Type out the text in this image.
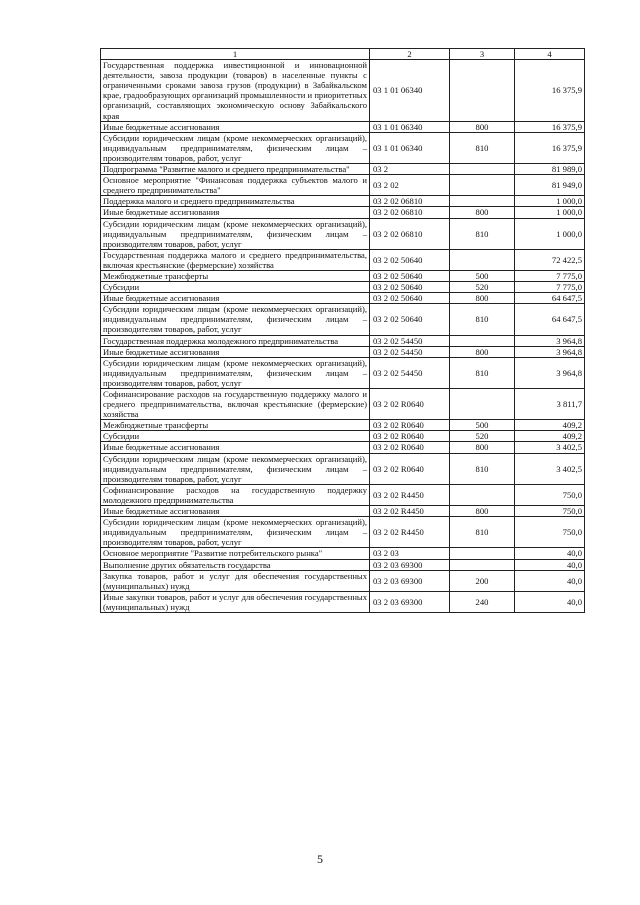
1	2	3	4
Государственная поддержка инвестиционной и инновационной деятельности, завоза продукции (товаров) в населенные пункты с ограниченными сроками завоза грузов (продукции) в Забайкальском крае, градообразующих организаций промышленности и приоритетных организаций, составляющих экономическую основу Забайкальского края	03 1 01 06340		16 375,9
Иные бюджетные ассигнования	03 1 01 06340	800	16 375,9
Субсидии юридическим лицам (кроме некоммерческих организаций), индивидуальным предпринимателям, физическим лицам – производителям товаров, работ, услуг	03 1 01 06340	810	16 375,9
Подпрограмма "Развитие малого и среднего предпринимательства"	03 2		81 989,0
Основное мероприятие "Финансовая поддержка субъектов малого и среднего предпринимательства"	03 2 02		81 949,0
Поддержка малого и среднего предпринимательства	03 2 02 06810		1 000,0
Иные бюджетные ассигнования	03 2 02 06810	800	1 000,0
Субсидии юридическим лицам (кроме некоммерческих организаций), индивидуальным предпринимателям, физическим лицам – производителям товаров, работ, услуг	03 2 02 06810	810	1 000,0
Государственная поддержка малого и среднего предпринимательства, включая крестьянские (фермерские) хозяйства	03 2 02 50640		72 422,5
Межбюджетные трансферты	03 2 02 50640	500	7 775,0
Субсидии	03 2 02 50640	520	7 775,0
Иные бюджетные ассигнования	03 2 02 50640	800	64 647,5
Субсидии юридическим лицам (кроме некоммерческих организаций), индивидуальным предпринимателям, физическим лицам – производителям товаров, работ, услуг	03 2 02 50640	810	64 647,5
Государственная поддержка молодежного предпринимательства	03 2 02 54450		3 964,8
Иные бюджетные ассигнования	03 2 02 54450	800	3 964,8
Субсидии юридическим лицам (кроме некоммерческих организаций), индивидуальным предпринимателям, физическим лицам – производителям товаров, работ, услуг	03 2 02 54450	810	3 964,8
Софинансирование расходов на государственную поддержку малого и среднего предпринимательства, включая крестьянские (фермерские) хозяйства	03 2 02 R0640		3 811,7
Межбюджетные трансферты	03 2 02 R0640	500	409,2
Субсидии	03 2 02 R0640	520	409,2
Иные бюджетные ассигнования	03 2 02 R0640	800	3 402,5
Субсидии юридическим лицам (кроме некоммерческих организаций), индивидуальным предпринимателям, физическим лицам – производителям товаров, работ, услуг	03 2 02 R0640	810	3 402,5
Софинансирование расходов на государственную поддержку молодежного предпринимательства	03 2 02 R4450		750,0
Иные бюджетные ассигнования	03 2 02 R4450	800	750,0
Субсидии юридическим лицам (кроме некоммерческих организаций), индивидуальным предпринимателям, физическим лицам – производителям товаров, работ, услуг	03 2 02 R4450	810	750,0
Основное мероприятие "Развитие потребительского рынка"	03 2 03		40,0
Выполнение других обязательств государства	03 2 03 69300		40,0
Закупка товаров, работ и услуг для обеспечения государственных (муниципальных) нужд	03 2 03 69300	200	40,0
Иные закупки товаров, работ и услуг для обеспечения государственных (муниципальных) нужд	03 2 03 69300	240	40,0
5
